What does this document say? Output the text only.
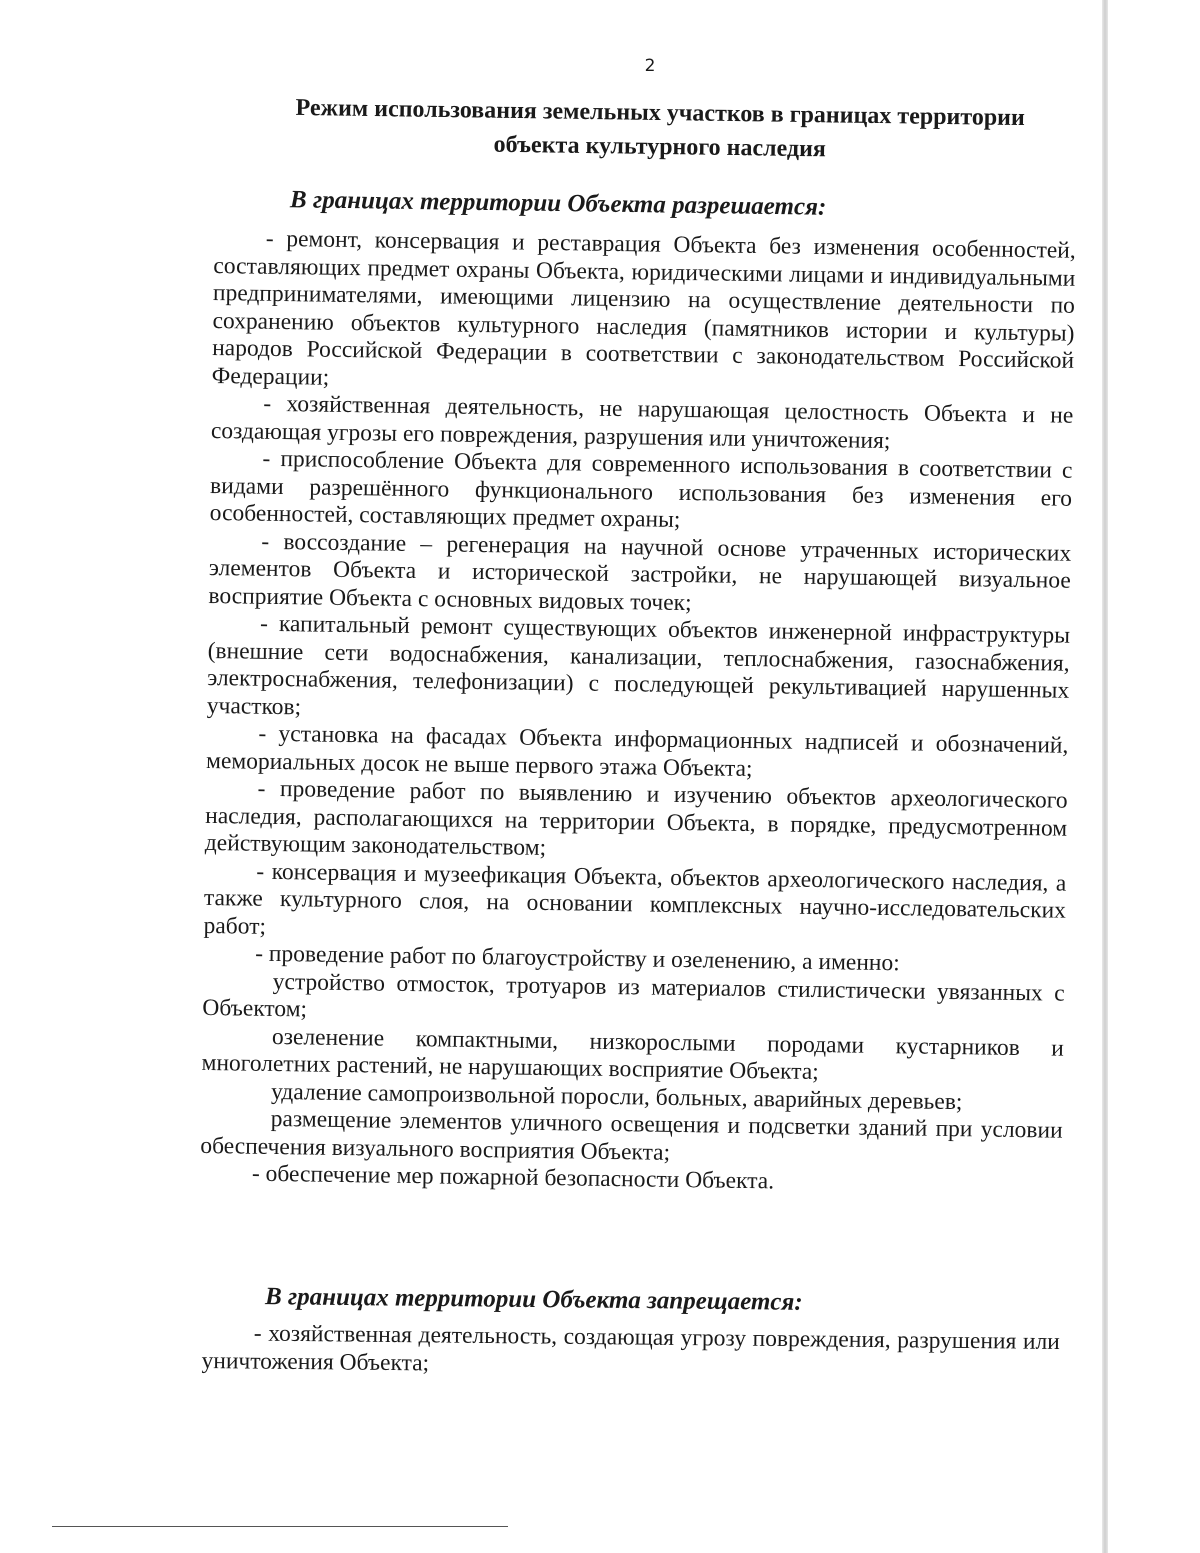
2
Режим использования земельных участков в границах территории
объекта культурного наследия
В границах территории Объекта разрешается:

- ремонт, консервация и реставрация Объекта без изменения особенностей, составляющих предмет охраны Объекта, юридическими лицами и индивидуальными предпринимателями, имеющими лицензию на осуществление деятельности по сохранению объектов культурного наследия (памятников истории и культуры) народов Российской Федерации в соответствии с законодательством Российской Федерации;

- хозяйственная деятельность, не нарушающая целостность Объекта и не создающая угрозы его повреждения, разрушения или уничтожения;

- приспособление Объекта для современного использования в соответствии с видами разрешённого функционального использования без изменения его особенностей, составляющих предмет охраны;

- воссоздание – регенерация на научной основе утраченных исторических элементов Объекта и исторической застройки, не нарушающей визуальное восприятие Объекта с основных видовых точек;

- капитальный ремонт существующих объектов инженерной инфраструктуры (внешние сети водоснабжения, канализации, теплоснабжения, газоснабжения, электроснабжения, телефонизации) с последующей рекультивацией нарушенных участков;

- установка на фасадах Объекта информационных надписей и обозначений, мемориальных досок не выше первого этажа Объекта;

- проведение работ по выявлению и изучению объектов археологического наследия, располагающихся на территории Объекта, в порядке, предусмотренном действующим законодательством;

- консервация и музеефикация Объекта, объектов археологического наследия, а также культурного слоя, на основании комплексных научно-исследовательских работ;

- проведение работ по благоустройству и озеленению, а именно:

устройство отмосток, тротуаров из материалов стилистически увязанных с Объектом;

озеленение компактными, низкорослыми породами кустарников и многолетних растений, не нарушающих восприятие Объекта;

удаление самопроизвольной поросли, больных, аварийных деревьев;

размещение элементов уличного освещения и подсветки зданий при условии обеспечения визуального восприятия Объекта;

- обеспечение мер пожарной безопасности Объекта.

В границах территории Объекта запрещается:

- хозяйственная деятельность, создающая угрозу повреждения, разрушения или уничтожения Объекта;
